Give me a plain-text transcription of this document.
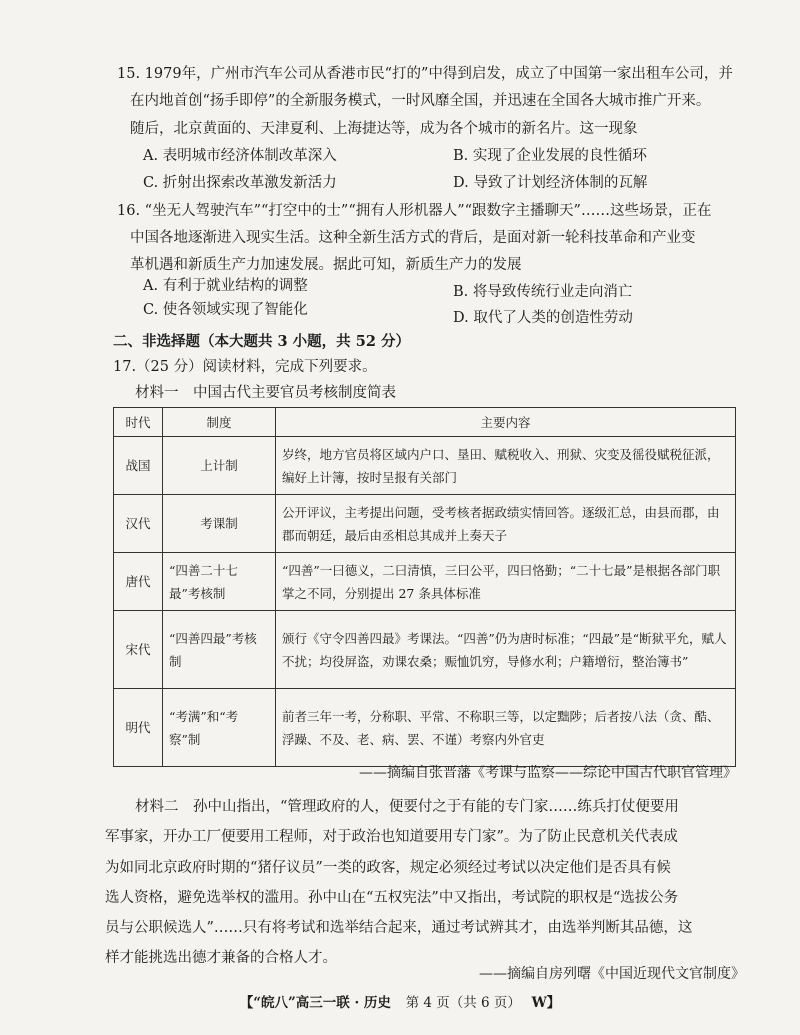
15. 1979年，广州市汽车公司从香港市民“打的”中得到启发，成立了中国第一家出租车公司，并
在内地首创“扬手即停”的全新服务模式，一时风靡全国，并迅速在全国各大城市推广开来。
随后，北京黄面的、天津夏利、上海捷达等，成为各个城市的新名片。这一现象
A. 表明城市经济体制改革深入	B. 实现了企业发展的良性循环
C. 折射出探索改革激发新活力	D. 导致了计划经济体制的瓦解
16. “坐无人驾驶汽车”“打空中的士”“拥有人形机器人”“跟数字主播聊天”……这些场景，正在
中国各地逐渐进入现实生活。这种全新生活方式的背后，是面对新一轮科技革命和产业变
革机遇和新质生产力加速发展。据此可知，新质生产力的发展
A. 有利于就业结构的调整	B. 将导致传统行业走向消亡
C. 使各领域实现了智能化	D. 取代了人类的创造性劳动
二、非选择题（本大题共 3 小题，共 52 分）
17.（25 分）阅读材料，完成下列要求。
材料一　中国古代主要官员考核制度简表
时代	制度	主要内容
战国	上计制	岁终，地方官员将区域内户口、垦田、赋税收入、刑狱、灾变及徭役赋税征派，编好上计簿，按时呈报有关部门
汉代	考课制	公开评议，主考提出问题，受考核者据政绩实情回答。逐级汇总，由县而郡，由郡而朝廷，最后由丞相总其成并上奏天子
唐代	“四善二十七最”考核制	“四善”一曰德义，二曰清慎，三曰公平，四曰恪勤；“二十七最”是根据各部门职掌之不同，分别提出 27 条具体标准
宋代	“四善四最”考核制	颁行《守令四善四最》考课法。“四善”仍为唐时标准；“四最”是“断狱平允，赋人不扰；均役屏盗，劝课农桑；赈恤饥穷，导修水利；户籍增衍，整治簿书”
明代	“考满”和“考察”制	前者三年一考，分称职、平常、不称职三等，以定黜陟；后者按八法（贪、酷、浮躁、不及、老、病、罢、不谨）考察内外官吏
——摘编自张晋藩《考课与监察——综论中国古代职官管理》
材料二　孙中山指出，“管理政府的人，便要付之于有能的专门家……练兵打仗便要用
军事家，开办工厂便要用工程师，对于政治也知道要用专门家”。为了防止民意机关代表成
为如同北京政府时期的“猪仔议员”一类的政客，规定必须经过考试以决定他们是否具有候
选人资格，避免选举权的滥用。孙中山在“五权宪法”中又指出，考试院的职权是“选拔公务
员与公职候选人”……只有将考试和选举结合起来，通过考试辨其才，由选举判断其品德，这
样才能挑选出德才兼备的合格人才。
——摘编自房列曙《中国近现代文官制度》
【“皖八”高三一联 · 历史 第 4 页（共 6 页） W】
